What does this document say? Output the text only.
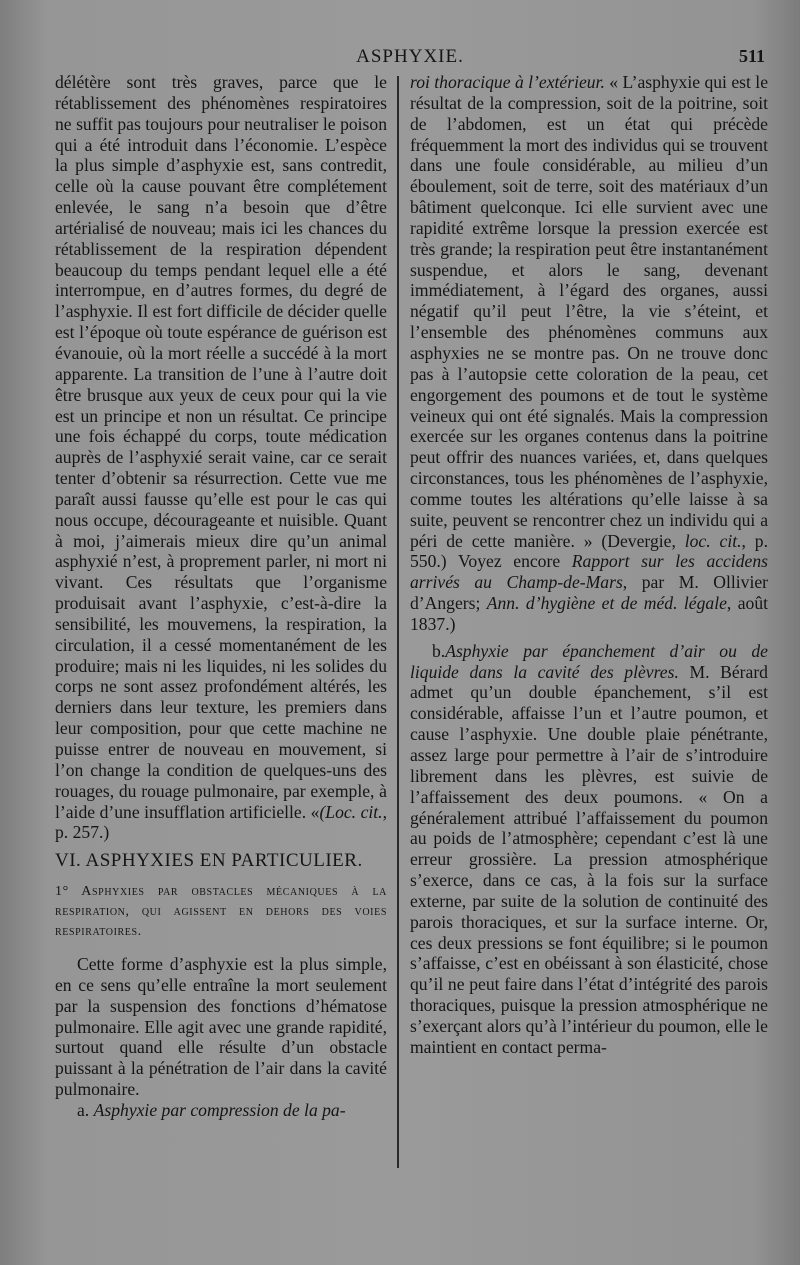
ASPHYXIE.	511

délétère sont très graves, parce que le rétablissement des phénomènes respiratoires ne suffit pas toujours pour neutraliser le poison qui a été introduit dans l’économie. L’espèce la plus simple d’asphyxie est, sans contredit, celle où la cause pouvant être complétement enlevée, le sang n’a besoin que d’être artérialisé de nouveau; mais ici les chances du rétablissement de la respiration dépendent beaucoup du temps pendant lequel elle a été interrompue, en d’autres formes, du degré de l’asphyxie. Il est fort difficile de décider quelle est l’époque où toute espérance de guérison est évanouie, où la mort réelle a succédé à la mort apparente. La transition de l’une à l’autre doit être brusque aux yeux de ceux pour qui la vie est un principe et non un résultat. Ce principe une fois échappé du corps, toute médication auprès de l’asphyxié serait vaine, car ce serait tenter d’obtenir sa résurrection. Cette vue me paraît aussi fausse qu’elle est pour le cas qui nous occupe, décourageante et nuisible. Quant à moi, j’aimerais mieux dire qu’un animal asphyxié n’est, à proprement parler, ni mort ni vivant. Ces résultats que l’organisme produisait avant l’asphyxie, c’est-à-dire la sensibilité, les mouvemens, la respiration, la circulation, il a cessé momentanément de les produire; mais ni les liquides, ni les solides du corps ne sont assez profondément altérés, les derniers dans leur texture, les premiers dans leur composition, pour que cette machine ne puisse entrer de nouveau en mouvement, si l’on change la condition de quelques-uns des rouages, du rouage pulmonaire, par exemple, à l’aide d’une insufflation artificielle. «(Loc. cit., p. 257.)

VI. ASPHYXIES EN PARTICULIER.
1° Asphyxies par obstacles mécaniques à la respiration, qui agissent en dehors des voies respiratoires.

Cette forme d’asphyxie est la plus simple, en ce sens qu’elle entraîne la mort seulement par la suspension des fonctions d’hématose pulmonaire. Elle agit avec une grande rapidité, surtout quand elle résulte d’un obstacle puissant à la pénétration de l’air dans la cavité pulmonaire.

a. Asphyxie par compression de la pa-

roi thoracique à l’extérieur. « L’asphyxie qui est le résultat de la compression, soit de la poitrine, soit de l’abdomen, est un état qui précède fréquemment la mort des individus qui se trouvent dans une foule considérable, au milieu d’un éboulement, soit de terre, soit des matériaux d’un bâtiment quelconque. Ici elle survient avec une rapidité extrême lorsque la pression exercée est très grande; la respiration peut être instantanément suspendue, et alors le sang, devenant immédiatement, à l’égard des organes, aussi négatif qu’il peut l’être, la vie s’éteint, et l’ensemble des phénomènes communs aux asphyxies ne se montre pas. On ne trouve donc pas à l’autopsie cette coloration de la peau, cet engorgement des poumons et de tout le système veineux qui ont été signalés. Mais la compression exercée sur les organes contenus dans la poitrine peut offrir des nuances variées, et, dans quelques circonstances, tous les phénomènes de l’asphyxie, comme toutes les altérations qu’elle laisse à sa suite, peuvent se rencontrer chez un individu qui a péri de cette manière. » (Devergie, loc. cit., p. 550.) Voyez encore Rapport sur les accidens arrivés au Champ-de-Mars, par M. Ollivier d’Angers; Ann. d’hygiène et de méd. légale, août 1837.)

b.Asphyxie par épanchement d’air ou de liquide dans la cavité des plèvres. M. Bérard admet qu’un double épanchement, s’il est considérable, affaisse l’un et l’autre poumon, et cause l’asphyxie. Une double plaie pénétrante, assez large pour permettre à l’air de s’introduire librement dans les plèvres, est suivie de l’affaissement des deux poumons. « On a généralement attribué l’affaissement du poumon au poids de l’atmosphère; cependant c’est là une erreur grossière. La pression atmosphérique s’exerce, dans ce cas, à la fois sur la surface externe, par suite de la solution de continuité des parois thoraciques, et sur la surface interne. Or, ces deux pressions se font équilibre; si le poumon s’affaisse, c’est en obéissant à son élasticité, chose qu’il ne peut faire dans l’état d’intégrité des parois thoraciques, puisque la pression atmosphérique ne s’exerçant alors qu’à l’intérieur du poumon, elle le maintient en contact perma-
